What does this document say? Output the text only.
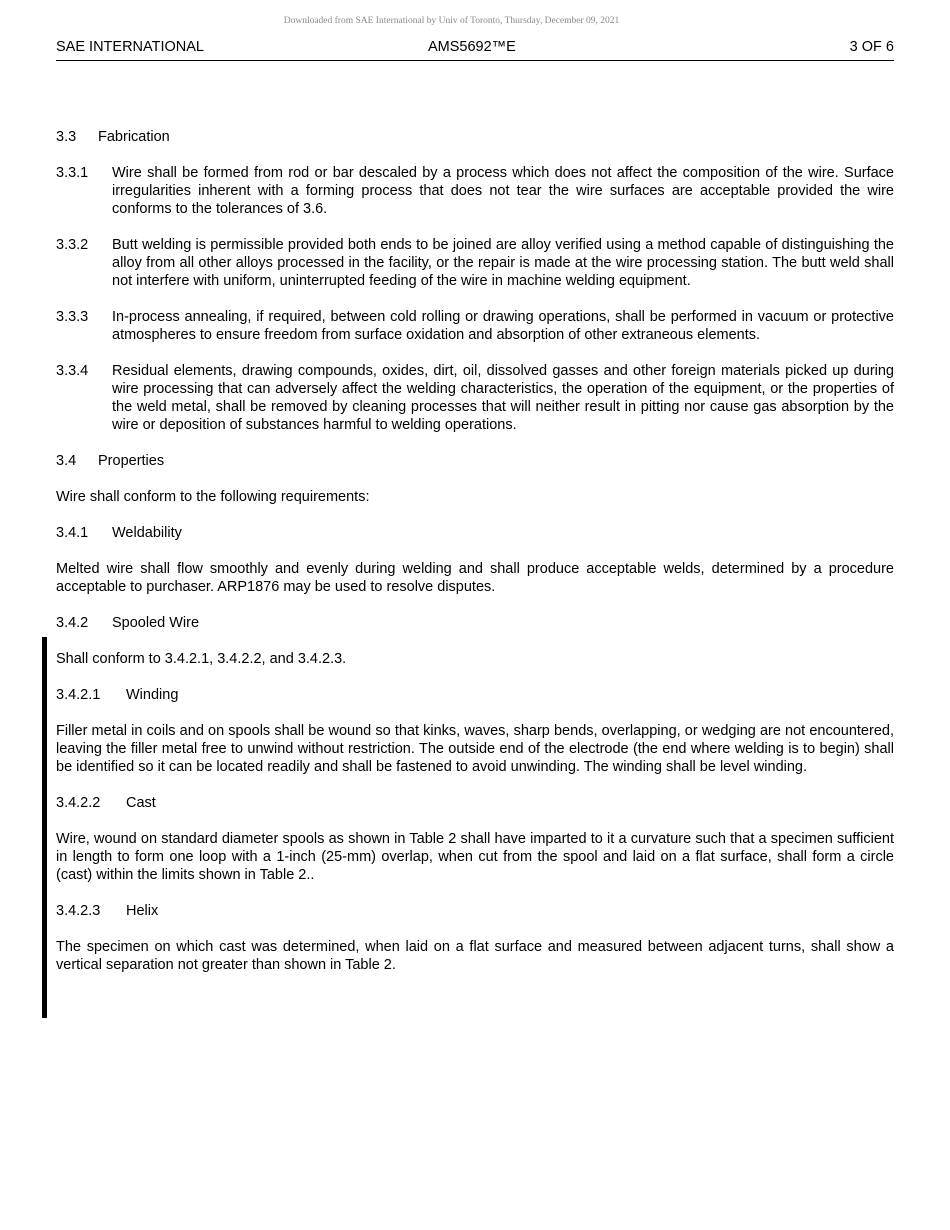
Downloaded from SAE International by Univ of Toronto, Thursday, December 09, 2021
SAE INTERNATIONAL	AMS5692™E	3 OF 6

3.3 Fabrication

3.3.1	Wire shall be formed from rod or bar descaled by a process which does not affect the composition of the wire. Surface irregularities inherent with a forming process that does not tear the wire surfaces are acceptable provided the wire conforms to the tolerances of 3.6.
3.3.2	Butt welding is permissible provided both ends to be joined are alloy verified using a method capable of distinguishing the alloy from all other alloys processed in the facility, or the repair is made at the wire processing station. The butt weld shall not interfere with uniform, uninterrupted feeding of the wire in machine welding equipment.
3.3.3	In-process annealing, if required, between cold rolling or drawing operations, shall be performed in vacuum or protective atmospheres to ensure freedom from surface oxidation and absorption of other extraneous elements.
3.3.4	Residual elements, drawing compounds, oxides, dirt, oil, dissolved gasses and other foreign materials picked up during wire processing that can adversely affect the welding characteristics, the operation of the equipment, or the properties of the weld metal, shall be removed by cleaning processes that will neither result in pitting nor cause gas absorption by the wire or deposition of substances harmful to welding operations.

3.4 Properties

Wire shall conform to the following requirements:

3.4.1 Weldability

Melted wire shall flow smoothly and evenly during welding and shall produce acceptable welds, determined by a procedure acceptable to purchaser. ARP1876 may be used to resolve disputes.

3.4.2 Spooled Wire

Shall conform to 3.4.2.1, 3.4.2.2, and 3.4.2.3.

3.4.2.1 Winding

Filler metal in coils and on spools shall be wound so that kinks, waves, sharp bends, overlapping, or wedging are not encountered, leaving the filler metal free to unwind without restriction. The outside end of the electrode (the end where welding is to begin) shall be identified so it can be located readily and shall be fastened to avoid unwinding. The winding shall be level winding.

3.4.2.2 Cast

Wire, wound on standard diameter spools as shown in Table 2 shall have imparted to it a curvature such that a specimen sufficient in length to form one loop with a 1-inch (25-mm) overlap, when cut from the spool and laid on a flat surface, shall form a circle (cast) within the limits shown in Table 2..

3.4.2.3 Helix

The specimen on which cast was determined, when laid on a flat surface and measured between adjacent turns, shall show a vertical separation not greater than shown in Table 2.
